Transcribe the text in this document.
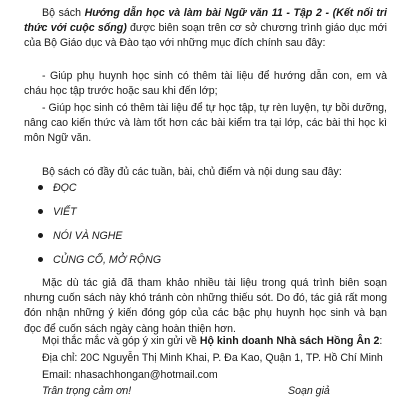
Bộ sách Hướng dẫn học và làm bài Ngữ văn 11 - Tập 2 - (Kết nối tri thức với cuộc sống) được biên soạn trên cơ sở chương trình giáo dục mới của Bộ Giáo dục và Đào tạo với những mục đích chính sau đây:

- Giúp phụ huynh học sinh có thêm tài liệu để hướng dẫn con, em và cháu học tập trước hoặc sau khi đến lớp;

- Giúp học sinh có thêm tài liệu để tự học tập, tự rèn luyện, tự bồi dưỡng, nâng cao kiến thức và làm tốt hơn các bài kiểm tra tại lớp, các bài thi học kì môn Ngữ văn.

Bộ sách có đầy đủ các tuần, bài, chủ điểm và nội dung sau đây:

ĐỌC

VIẾT

NÓI VÀ NGHE

CỦNG CỐ, MỞ RỘNG

Mặc dù tác giả đã tham khảo nhiều tài liệu trong quá trình biên soạn nhưng cuốn sách này khó tránh còn những thiếu sót. Do đó, tác giả rất mong đón nhận những ý kiến đóng góp của các bậc phụ huynh học sinh và bạn đọc để cuốn sách ngày càng hoàn thiện hơn.

Mọi thắc mắc và góp ý xin gửi về Hộ kinh doanh Nhà sách Hồng Ân 2:

Địa chỉ: 20C Nguyễn Thị Minh Khai, P. Đa Kao, Quận 1, TP. Hồ Chí Minh

Email: nhasachhongan@hotmail.com

Trân trọng cảm ơn!	Soạn giả
